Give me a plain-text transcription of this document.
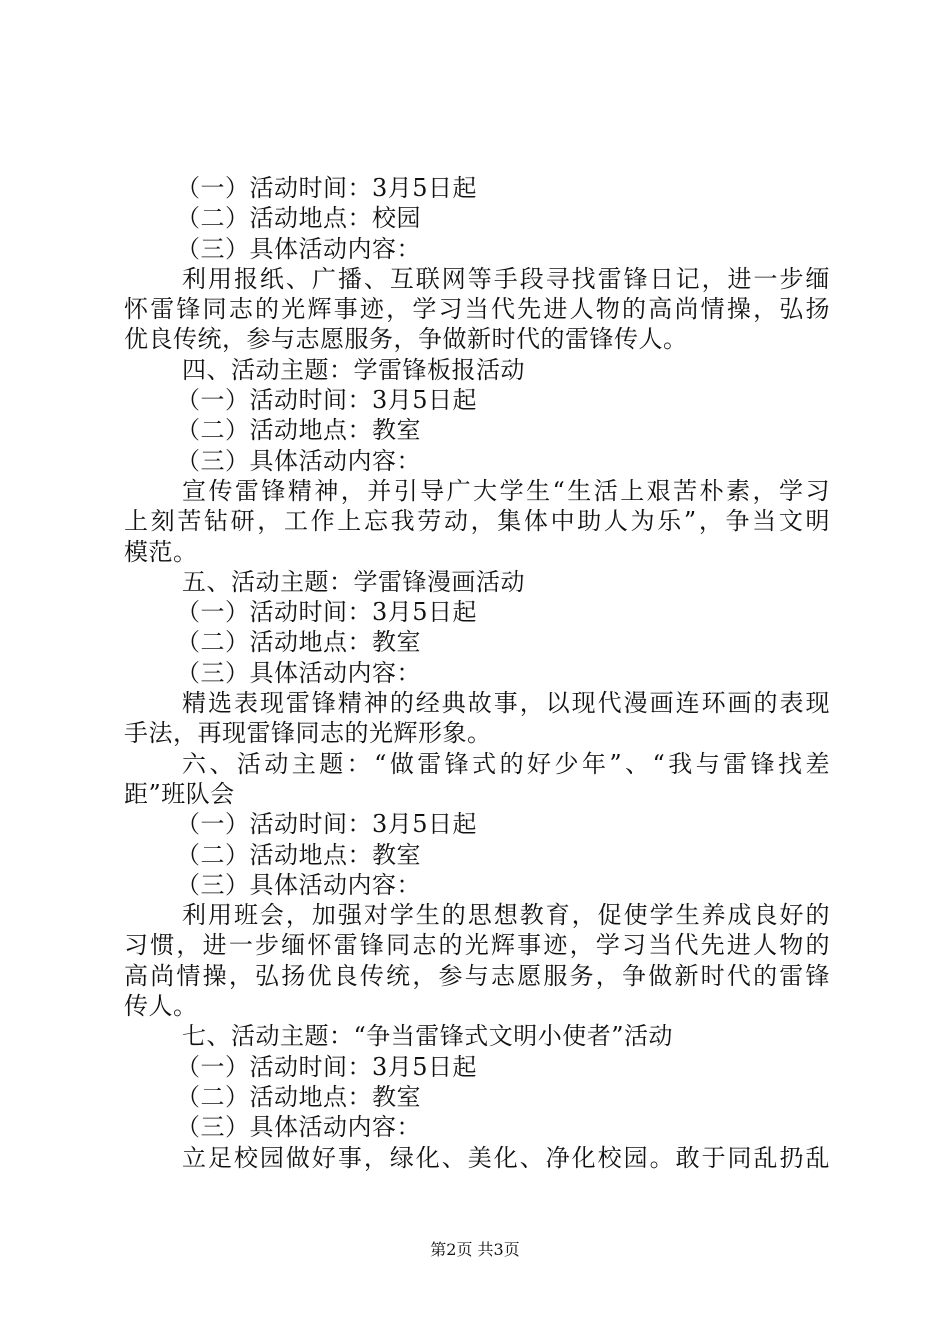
（一）活动时间：3月5日起
（二）活动地点：校园
（三）具体活动内容：
利用报纸、广播、互联网等手段寻找雷锋日记，进一步缅
怀雷锋同志的光辉事迹，学习当代先进人物的高尚情操，弘扬
优良传统，参与志愿服务，争做新时代的雷锋传人。
四、活动主题：学雷锋板报活动
（一）活动时间：3月5日起
（二）活动地点：教室
（三）具体活动内容：
宣传雷锋精神，并引导广大学生“生活上艰苦朴素，学习
上刻苦钻研，工作上忘我劳动，集体中助人为乐”，争当文明
模范。
五、活动主题：学雷锋漫画活动
（一）活动时间：3月5日起
（二）活动地点：教室
（三）具体活动内容：
精选表现雷锋精神的经典故事，以现代漫画连环画的表现
手法，再现雷锋同志的光辉形象。
六、活动主题：“做雷锋式的好少年”、“我与雷锋找差
距”班队会
（一）活动时间：3月5日起
（二）活动地点：教室
（三）具体活动内容：
利用班会，加强对学生的思想教育，促使学生养成良好的
习惯，进一步缅怀雷锋同志的光辉事迹，学习当代先进人物的
高尚情操，弘扬优良传统，参与志愿服务，争做新时代的雷锋
传人。
七、活动主题：“争当雷锋式文明小使者”活动
（一）活动时间：3月5日起
（二）活动地点：教室
（三）具体活动内容：
立足校园做好事，绿化、美化、净化校园。敢于同乱扔乱
第2页 共3页
